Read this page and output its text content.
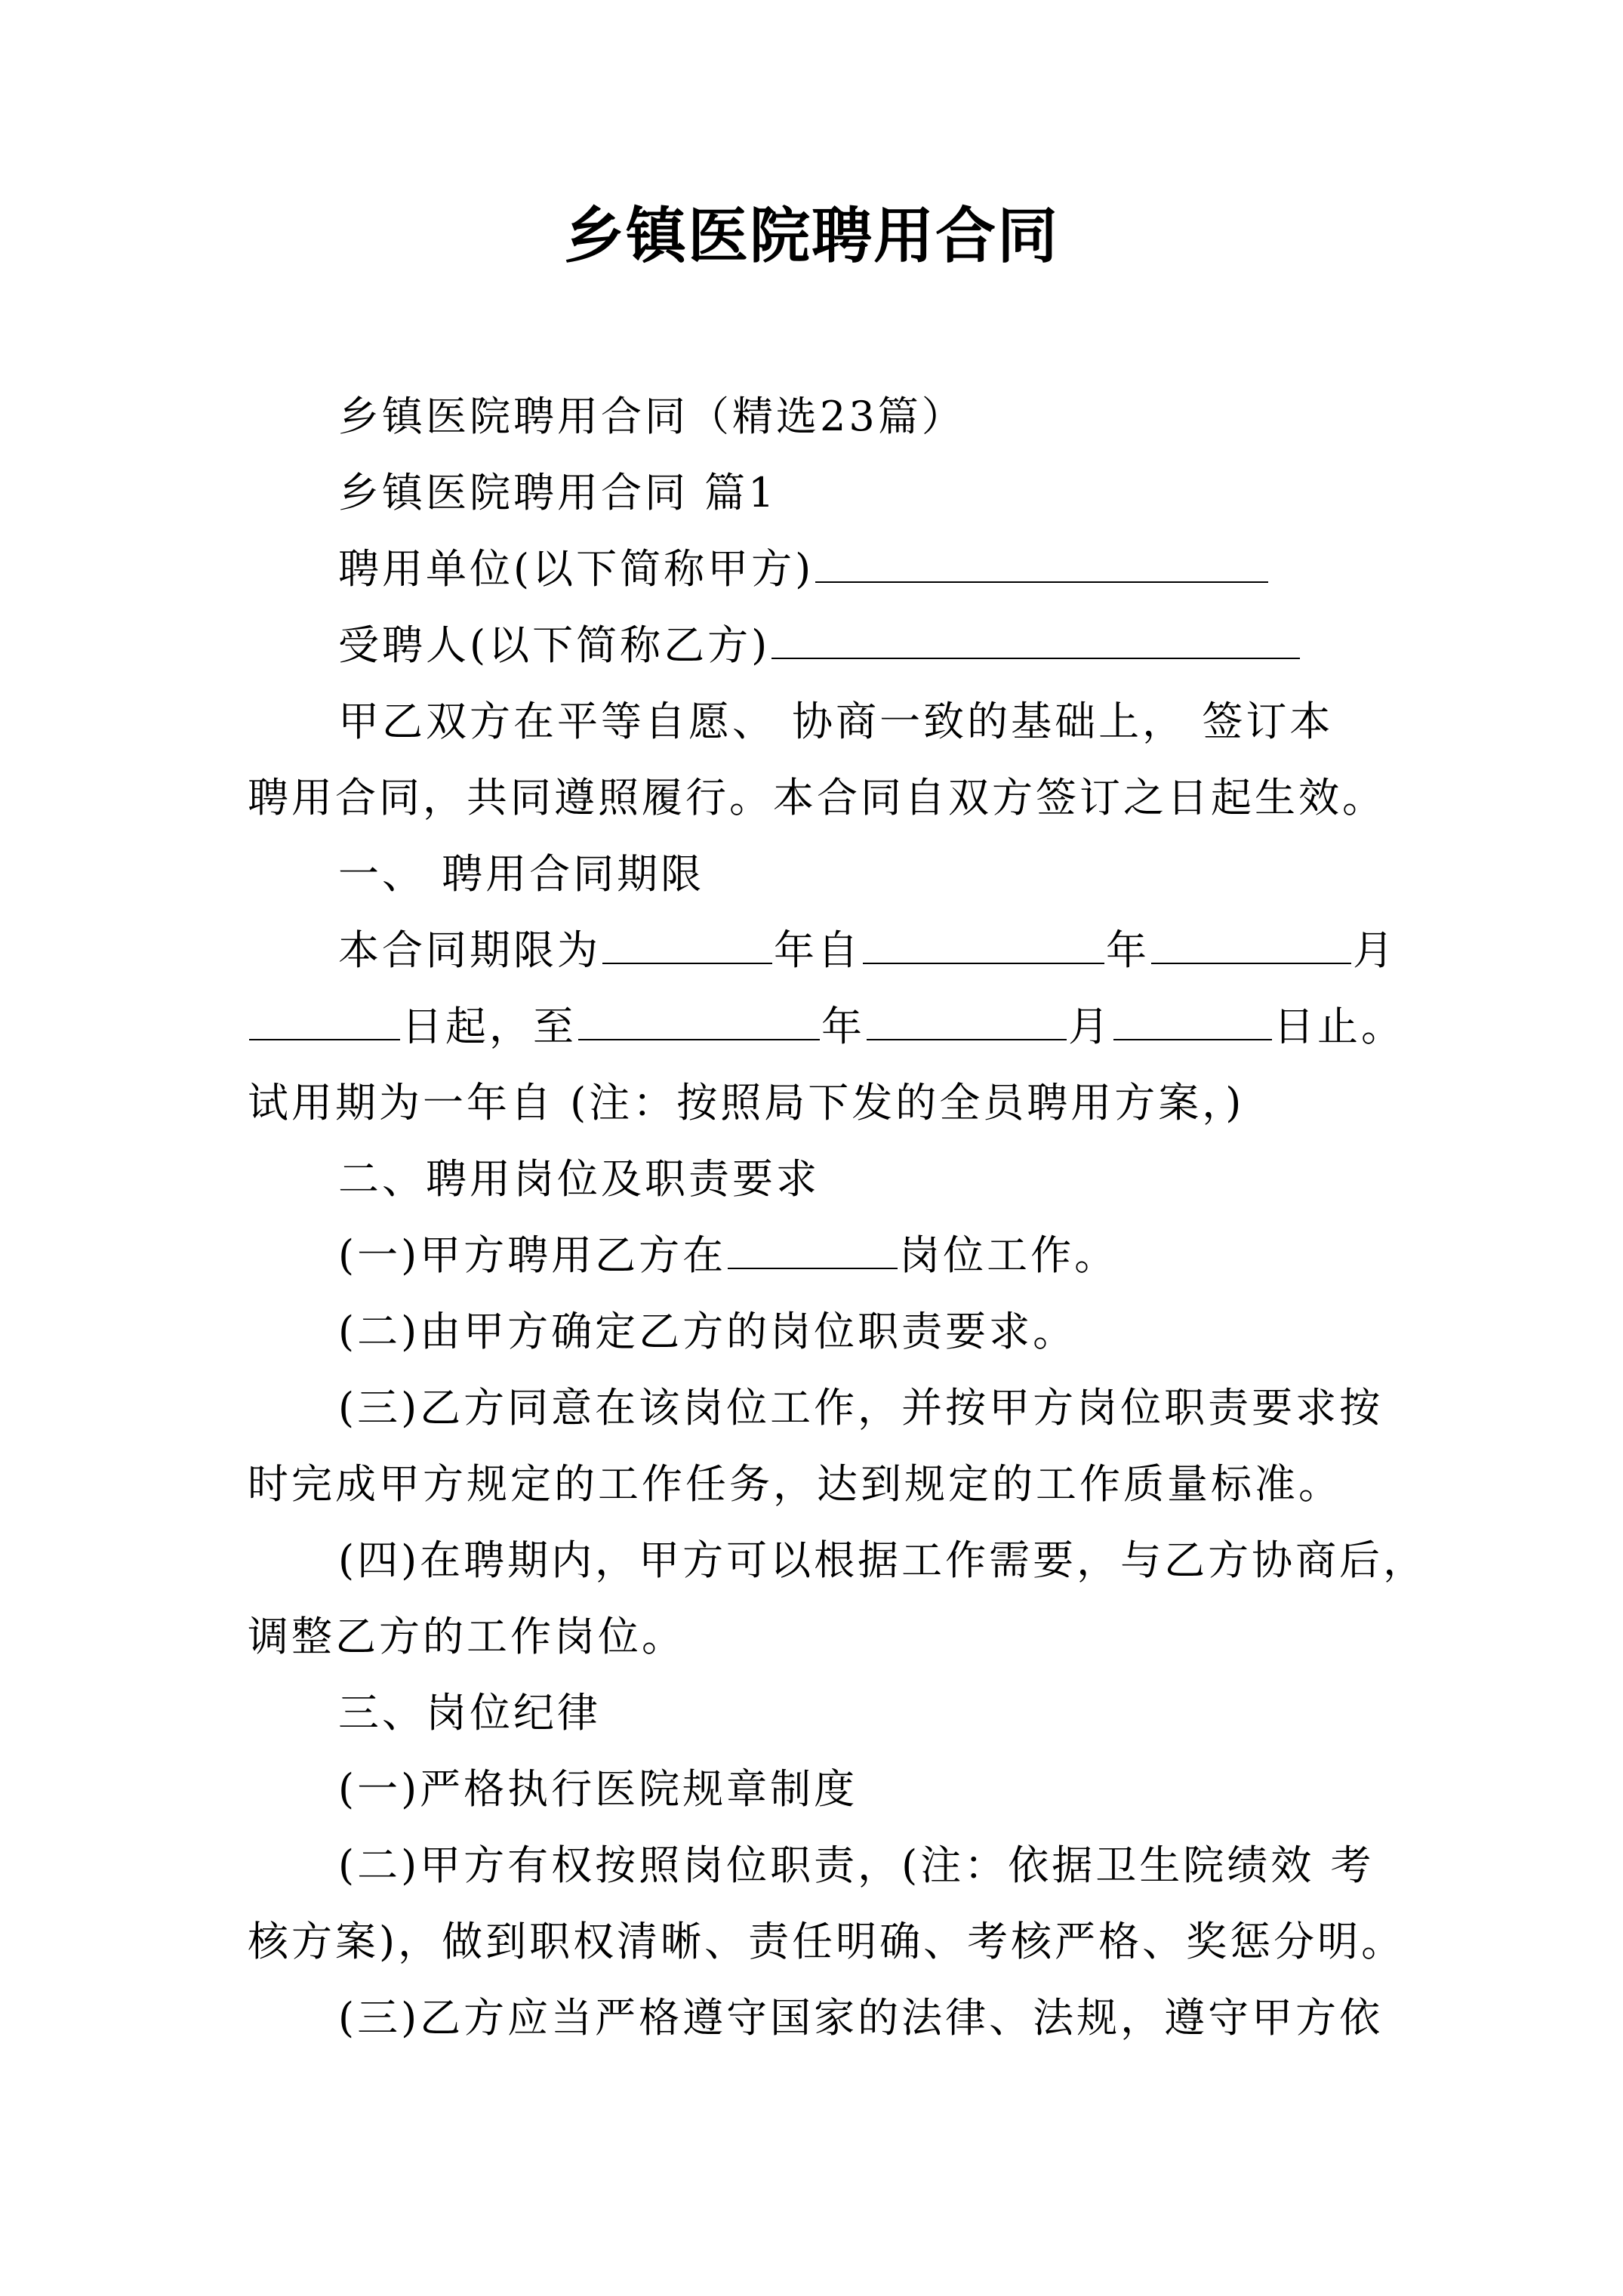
乡镇医院聘用合同
乡镇医院聘用合同（精选23篇）
乡镇医院聘用合同 篇1
聘用单位(以下简称甲方)
受聘人(以下简称乙方)
甲乙双方在平等自愿、 协商一致的基础上， 签订本
聘用合同，共同遵照履行。本合同自双方签订之日起生效。
一、 聘用合同期限
本合同期限为	年自	年	月
日起，至	年	月	日止。
试用期为一年自 (注：按照局下发的全员聘用方案，)
二、聘用岗位及职责要求
(一)甲方聘用乙方在	岗位工作。
(二)由甲方确定乙方的岗位职责要求。
(三)乙方同意在该岗位工作，并按甲方岗位职责要求按
时完成甲方规定的工作任务，达到规定的工作质量标准。
(四)在聘期内，甲方可以根据工作需要，与乙方协商后，
调整乙方的工作岗位。
三、岗位纪律
(一)严格执行医院规章制度
(二)甲方有权按照岗位职责，(注：依据卫生院绩效 考
核方案)，做到职权清晰、责任明确、考核严格、奖惩分明。
(三)乙方应当严格遵守国家的法律、法规，遵守甲方依
